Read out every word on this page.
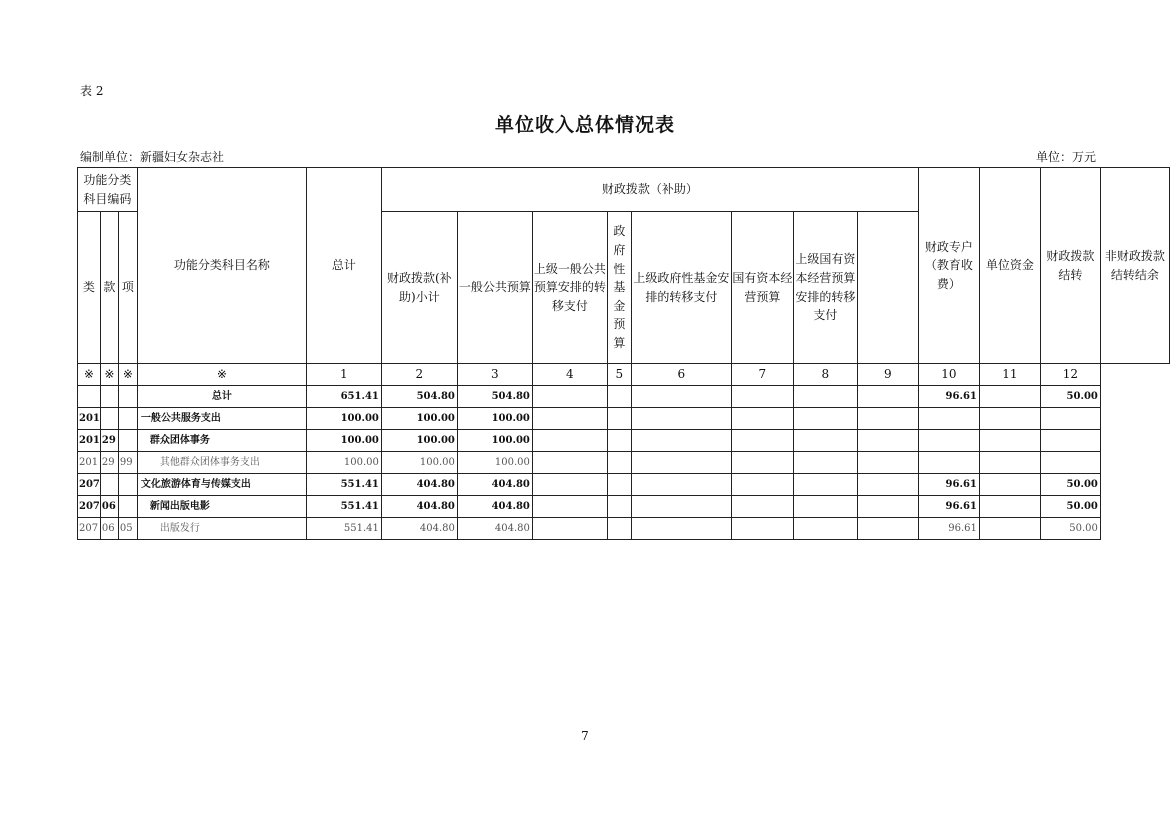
表 2
单位收入总体情况表
编制单位：新疆妇女杂志社	单位：万元
功能分类科目编码			功能分类科目名称	总计	财政拨款（补助）								财政专户（教育收费）	单位资金	财政拨款结转	非财政拨款结转结余
类	款	项			财政拨款(补助)小计	一般公共预算	上级一般公共预算安排的转移支付	政府性基金预算	上级政府性基金安排的转移支付	国有资本经营预算	上级国有资本经营预算安排的转移支付					
※	※	※	※	1	2	3	4	5	6	7	8	9	10	11	12	
			总计	651.41	504.80	504.80							96.61		50.00	
201			一般公共服务支出	100.00	100.00	100.00										
201	29		群众团体事务	100.00	100.00	100.00										
201	29	99	其他群众团体事务支出	100.00	100.00	100.00										
207			文化旅游体育与传媒支出	551.41	404.80	404.80							96.61		50.00	
207	06		新闻出版电影	551.41	404.80	404.80							96.61		50.00	
207	06	05	出版发行	551.41	404.80	404.80							96.61		50.00	
7
